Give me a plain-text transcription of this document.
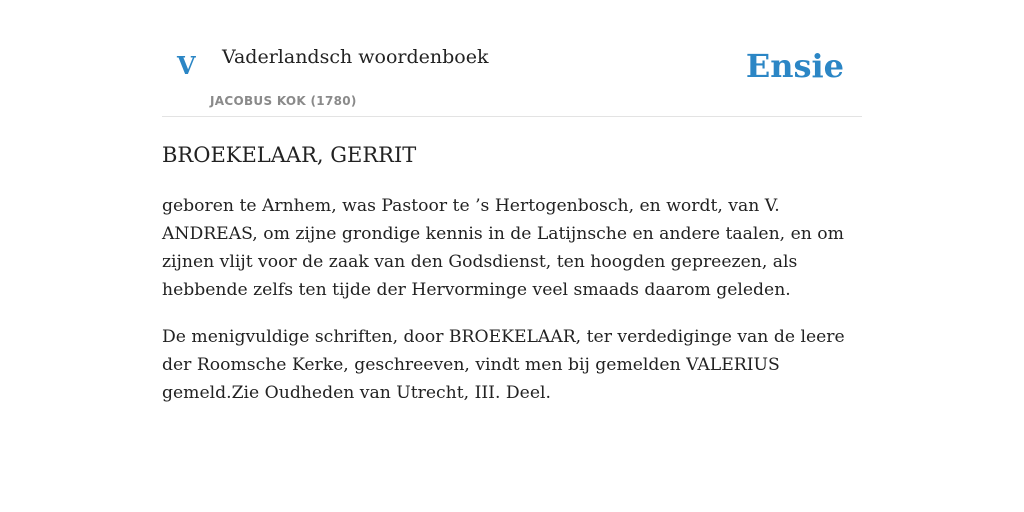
V Vaderlandsch woordenboek
JACOBUS KOK (1780)
Ensie
BROEKELAAR, GERRIT

geboren te Arnhem, was Pastoor te ’s Hertogenbosch, en wordt, van V. ANDREAS, om zijne grondige kennis in de Latijnsche en andere taalen, en om zijnen vlijt voor de zaak van den Godsdienst, ten hoogden gepreezen, als hebbende zelfs ten tijde der Hervorminge veel smaads daarom geleden.

De menigvuldige schriften, door BROEKELAAR, ter verdediginge van de leere der Roomsche Kerke, geschreeven, vindt men bij gemelden VALERIUS gemeld.Zie Oudheden van Utrecht, III. Deel.
